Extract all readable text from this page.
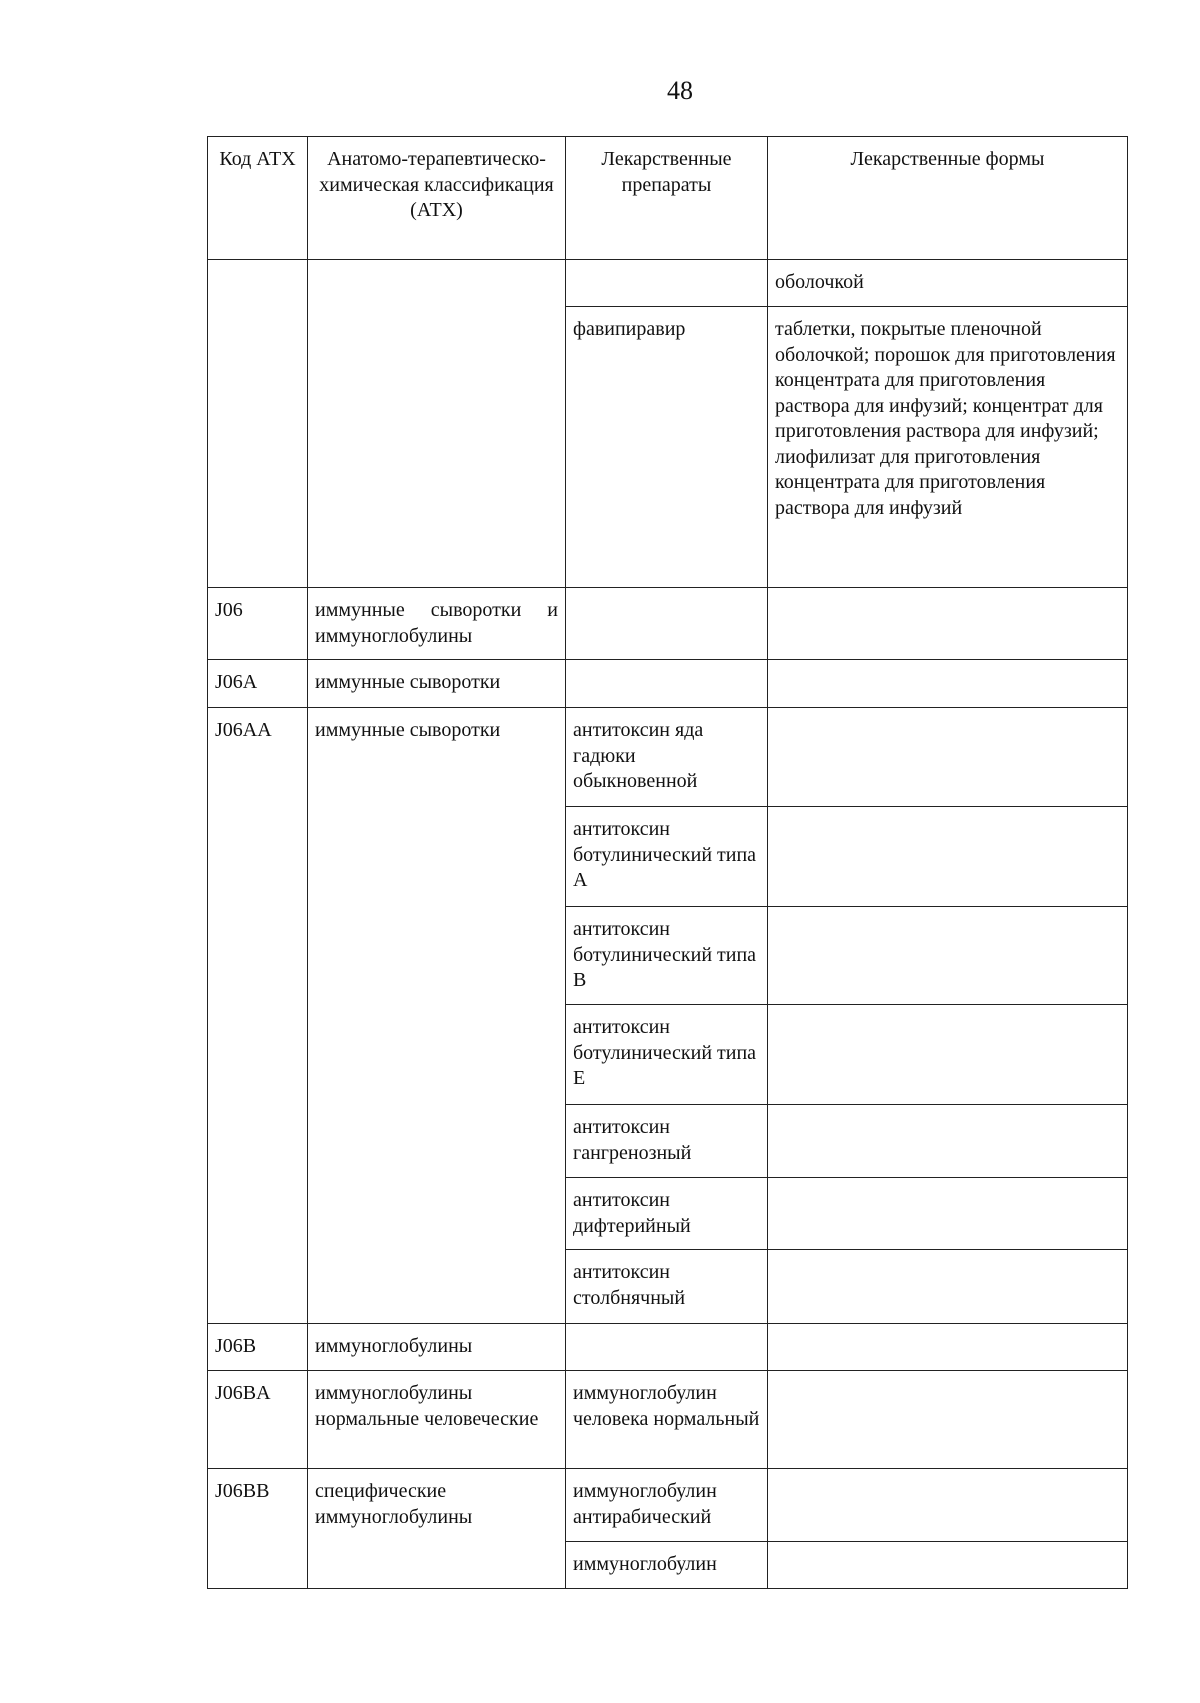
48
Код АТХ	Анатомо-терапевтическо-химическая классификация (АТХ)	Лекарственные препараты	Лекарственные формы
			оболочкой
		фавипиравир	таблетки, покрытые пленочной оболочкой; порошок для приготовления концентрата для приготовления раствора для инфузий; концентрат для приготовления раствора для инфузий; лиофилизат для приготовления концентрата для приготовления раствора для инфузий
J06	иммунные сыворотки и иммуноглобулины		
J06A	иммунные сыворотки		
J06AA	иммунные сыворотки	антитоксин яда гадюки обыкновенной	
		антитоксин ботулинический типа А	
		антитоксин ботулинический типа В	
		антитоксин ботулинический типа Е	
		антитоксин гангренозный	
		антитоксин дифтерийный	
		антитоксин столбнячный	
J06B	иммуноглобулины		
J06BA	иммуноглобулины нормальные человеческие	иммуноглобулин человека нормальный	
J06BB	специфические иммуноглобулины	иммуноглобулин антирабический	
		иммуноглобулин	
